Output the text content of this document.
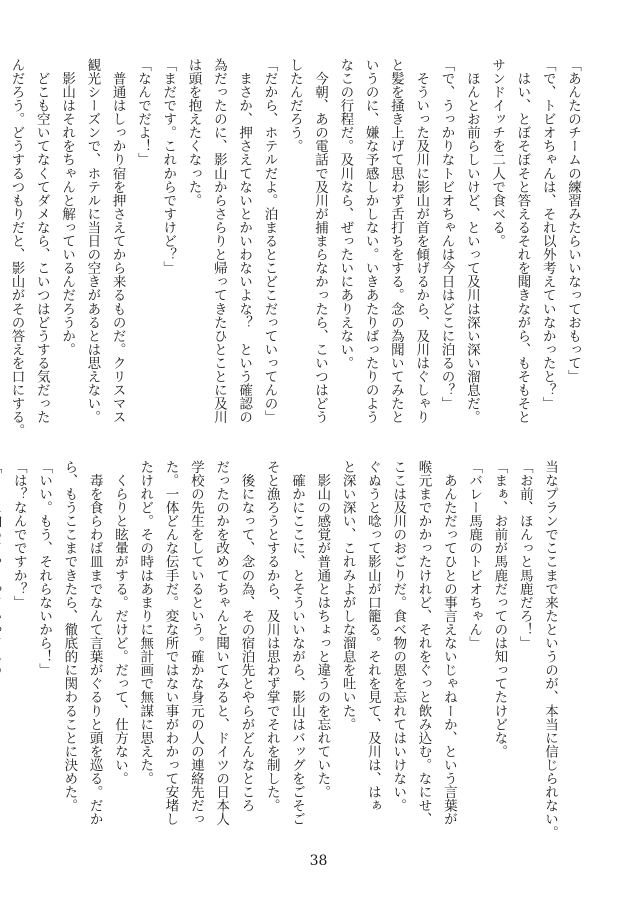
「あんたのチームの練習みたらいいなっておもって」
「で、トビオちゃんは、それ以外考えていなかったと？」
　はい、とぼそぼそと答えるそれを聞きながら、もそもそと
サンドイッチを二人で食べる。
　ほんとお前らしいけど、といって及川は深い深い溜息だ。
「で、うっかりなトビオちゃんは今日はどこに泊るの？」
　そういった及川に影山が首を傾げるから、及川はぐしゃり
と髪を掻き上げて思わず舌打ちをする。念の為聞いてみたと
いうのに、嫌な予感しかしない。いきあたりばったりのよう
なこの行程だ。及川なら、ぜったいにありえない。
　今朝、あの電話で及川が捕まらなかったら、こいつはどう
したんだろう。
「だから、ホテルだよ。泊まるとこどこだっていってんの」
　まさか、押さえてないとかいわないよな？　という確認の
為だったのに、影山からさらりと帰ってきたひとことに及川
は頭を抱えたくなった。
「まだです。これからですけど？」
「なんでだよ！」
　普通はしっかり宿を押さえてから来るものだ。クリスマス
観光シーズンで、ホテルに当日の空きがあるとは思えない。
　影山はそれをちゃんと解っているんだろうか。
　どこも空いてなくてダメなら、こいつはどうする気だった
んだろう。どうするつもりだと、影山がその答えを口にする。
当なプランでここまで来たというのが、本当に信じられない。
「お前、ほんっと馬鹿だろ！」
「まぁ、お前が馬鹿だってのは知ってたけどな。
「バレー馬鹿のトビオちゃん」
　あんただってひとの事言えないじゃねーか、という言葉が
喉元までかかったけれど、それをぐっと飲み込む。なにせ、
ここは及川のおごりだ。食べ物の恩を忘れてはいけない。
ぐぬうと唸って影山が口籠る。それを見て、及川は、はぁ
と深い深い、これみよがしな溜息を吐いた。
　影山の感覚が普通とはちょっと違うのを忘れていた。
　確かにここに、とそういいながら、影山はバッグをごそご
そと漁ろうとするから、及川は思わず掌でそれを制した。
　後になって、念の為、その宿泊先とやらがどんなところ
だったのかを改めてちゃんと聞いてみると、ドイツの日本人
学校の先生をしているという。確かな身元の人の連絡先だっ
た。一体どんな伝手だ。変な所ではない事がわかって安堵し
たけれど。その時はあまりに無計画で無謀に思えた。
　くらりと眩暈がする。だけど。だって、仕方ない。
　毒を食らわば皿までなんて言葉がぐるりと頭を巡る。だか
ら、もうここまできたら、徹底的に関わることに決めた。
「いい。もう、それらないから！」
「は？なんでですか？」
38
